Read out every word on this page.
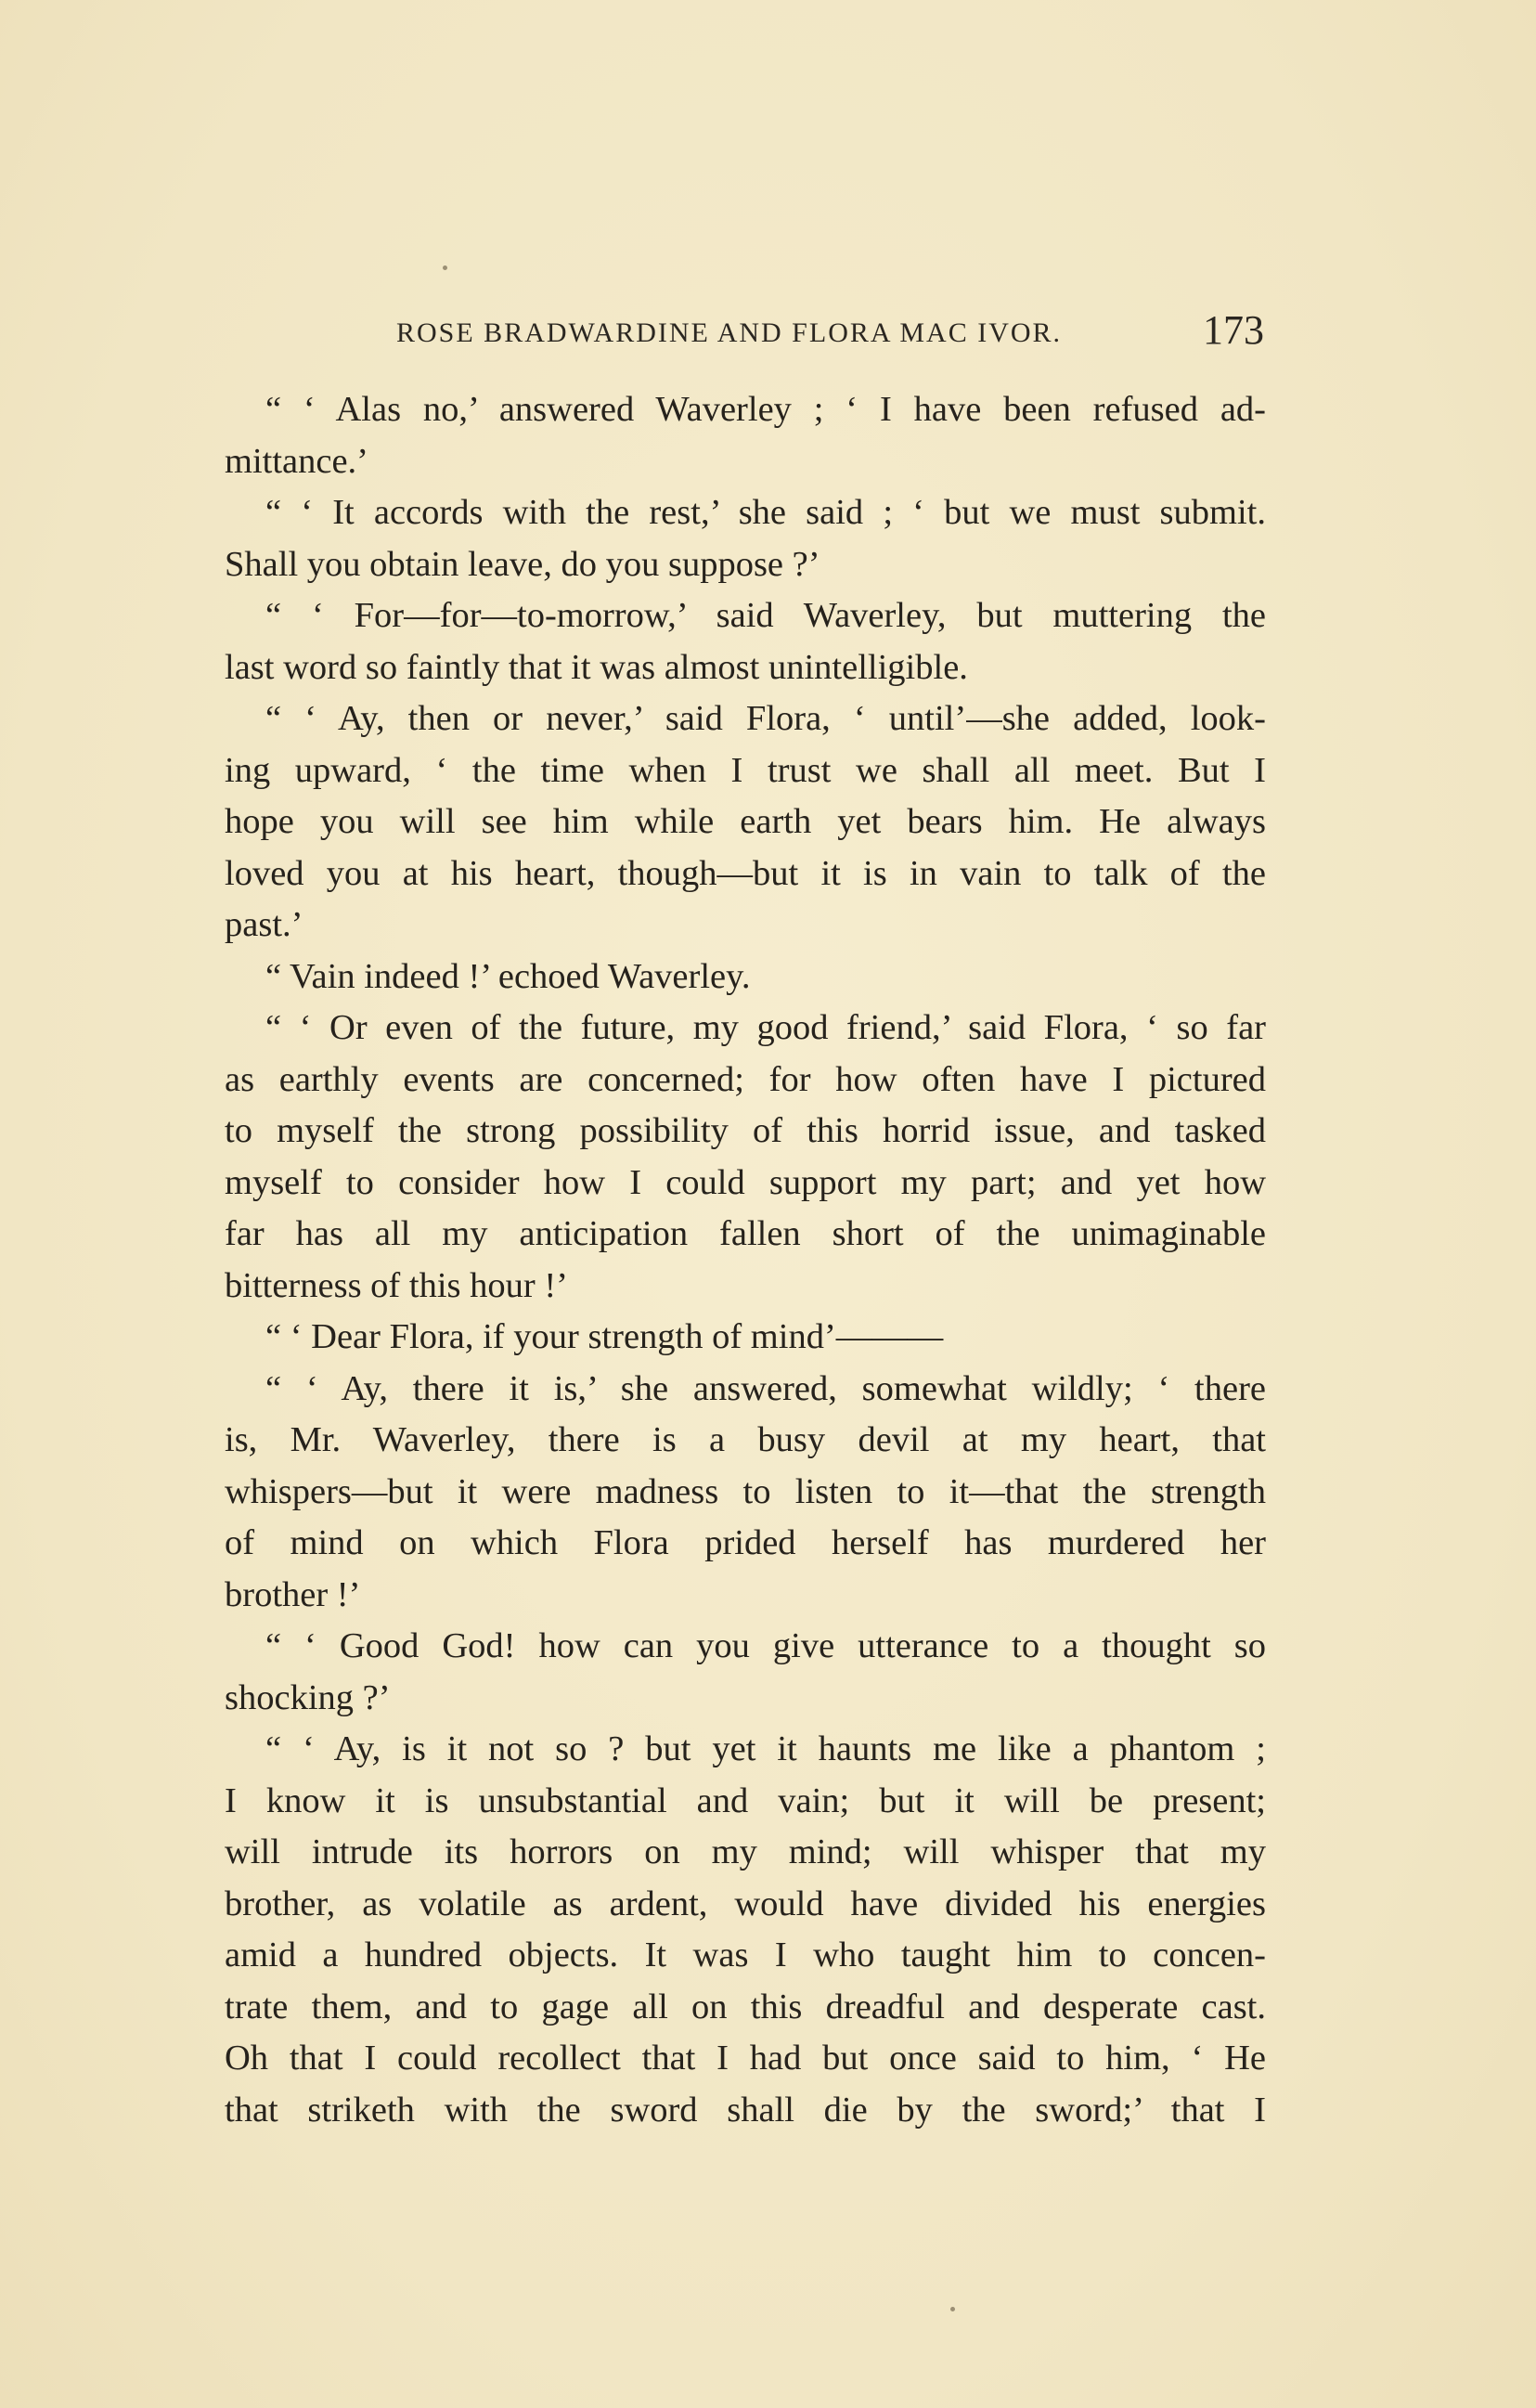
ROSE BRADWARDINE AND FLORA MAC IVOR.	173
“ ‘ Alas no,’ answered Waverley ; ‘ I have been refused ad-
mittance.’
“ ‘ It accords with the rest,’ she said ; ‘ but we must submit.
Shall you obtain leave, do you suppose ?’
“ ‘ For—for—to-morrow,’ said Waverley, but muttering the
last word so faintly that it was almost unintelligible.
“ ‘ Ay, then or never,’ said Flora, ‘ until’—she added, look-
ing upward, ‘ the time when I trust we shall all meet. But I
hope you will see him while earth yet bears him. He always
loved you at his heart, though—but it is in vain to talk of the
past.’
“ Vain indeed !’ echoed Waverley.
“ ‘ Or even of the future, my good friend,’ said Flora, ‘ so far
as earthly events are concerned; for how often have I pictured
to myself the strong possibility of this horrid issue, and tasked
myself to consider how I could support my part; and yet how
far has all my anticipation fallen short of the unimaginable
bitterness of this hour !’
“ ‘ Dear Flora, if your strength of mind’———
“ ‘ Ay, there it is,’ she answered, somewhat wildly; ‘ there
is, Mr. Waverley, there is a busy devil at my heart, that
whispers—but it were madness to listen to it—that the strength
of mind on which Flora prided herself has murdered her
brother !’
“ ‘ Good God! how can you give utterance to a thought so
shocking ?’
“ ‘ Ay, is it not so ? but yet it haunts me like a phantom ;
I know it is unsubstantial and vain; but it will be present;
will intrude its horrors on my mind; will whisper that my
brother, as volatile as ardent, would have divided his energies
amid a hundred objects. It was I who taught him to concen-
trate them, and to gage all on this dreadful and desperate cast.
Oh that I could recollect that I had but once said to him, ‘ He
that striketh with the sword shall die by the sword;’ that I
